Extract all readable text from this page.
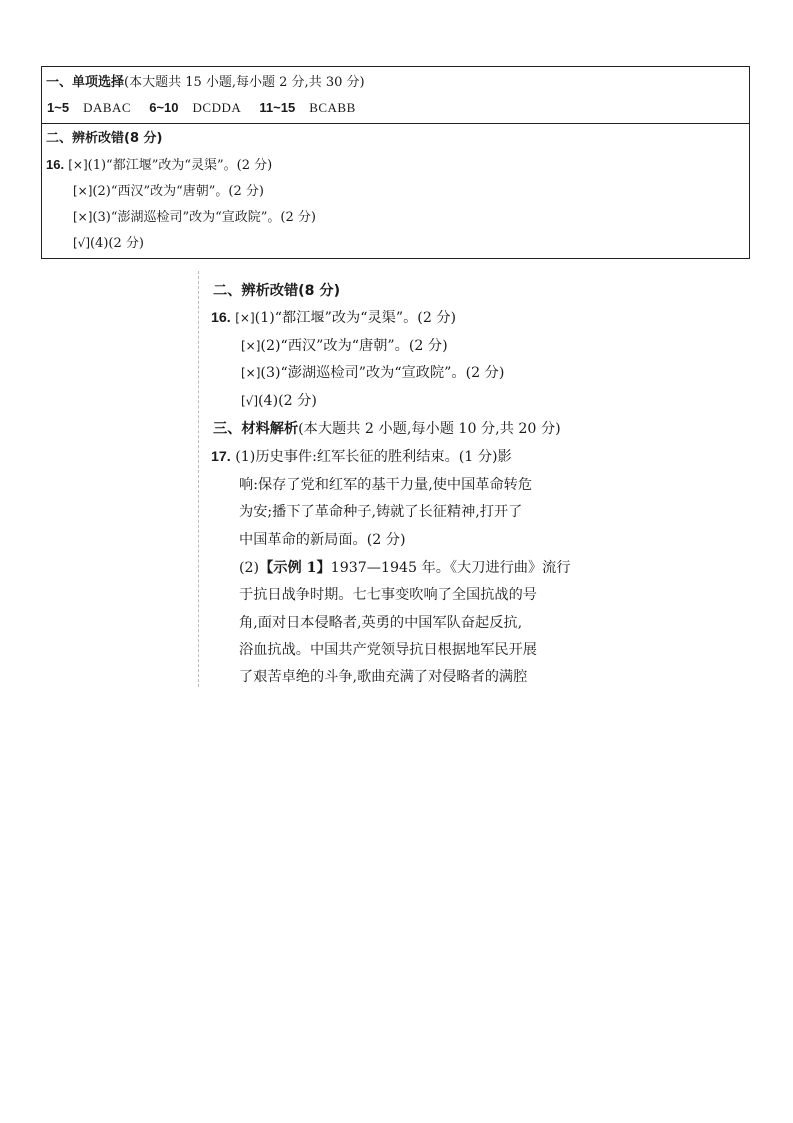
一、单项选择(本大题共 15 小题,每小题 2 分,共 30 分)
1~5 DABAC 6~10 DCDDA 11~15 BCABB
二、辨析改错(8 分)
16. [×](1)“都江堰”改为“灵渠”。(2 分)
[×](2)“西汉”改为“唐朝”。(2 分)
[×](3)“澎湖巡检司”改为“宣政院”。(2 分)
[√](4)(2 分)
二、辨析改错(8 分)
16. [×](1)“都江堰”改为“灵渠”。(2 分)
[×](2)“西汉”改为“唐朝”。(2 分)
[×](3)“澎湖巡检司”改为“宣政院”。(2 分)
[√](4)(2 分)
三、材料解析(本大题共 2 小题,每小题 10 分,共 20 分)
17. (1)历史事件:红军长征的胜利结束。(1 分)影
响:保存了党和红军的基干力量,使中国革命转危
为安;播下了革命种子,铸就了长征精神,打开了
中国革命的新局面。(2 分)
(2)【示例 1】1937—1945 年。《大刀进行曲》流行
于抗日战争时期。七七事变吹响了全国抗战的号
角,面对日本侵略者,英勇的中国军队奋起反抗,
浴血抗战。中国共产党领导抗日根据地军民开展
了艰苦卓绝的斗争,歌曲充满了对侵略者的满腔
